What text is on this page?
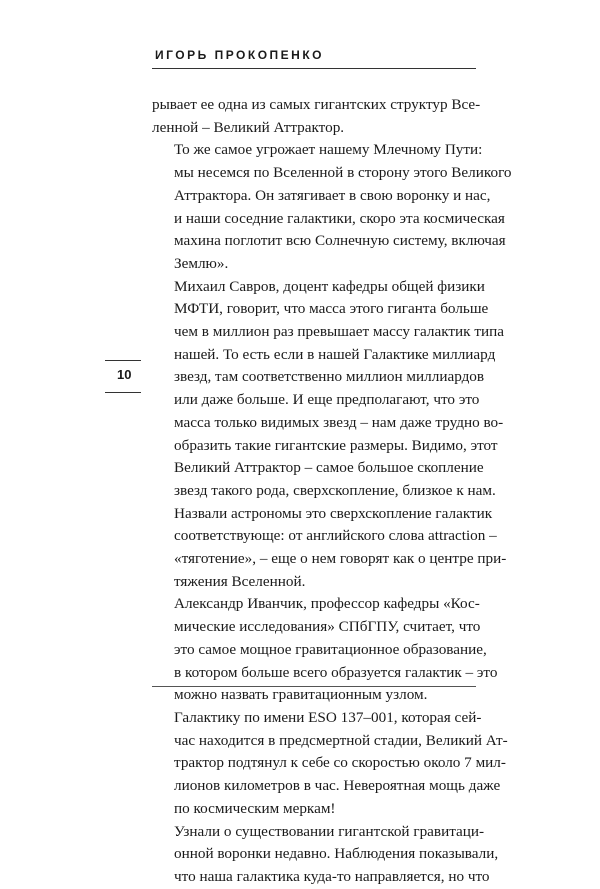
ИГОРЬ ПРОКОПЕНКО
10

рывает ее одна из самых гигантских структур Все-
ленной – Великий Аттрактор.

То же самое угрожает нашему Млечному Пути:
мы несемся по Вселенной в сторону этого Великого
Аттрактора. Он затягивает в свою воронку и нас,
и наши соседние галактики, скоро эта космическая
махина поглотит всю Солнечную систему, включая
Землю».

Михаил Савров, доцент кафедры общей физики
МФТИ, говорит, что масса этого гиганта больше
чем в миллион раз превышает массу галактик типа
нашей. То есть если в нашей Галактике миллиард
звезд, там соответственно миллион миллиардов
или даже больше. И еще предполагают, что это
масса только видимых звезд – нам даже трудно во-
образить такие гигантские размеры. Видимо, этот
Великий Аттрактор – самое большое скопление
звезд такого рода, сверхскопление, близкое к нам.

Назвали астрономы это сверхскопление галактик
соответствующе: от английского слова attraction –
«тяготение», – еще о нем говорят как о центре при-
тяжения Вселенной.

Александр Иванчик, профессор кафедры «Кос-
мические исследования» СПбГПУ, считает, что
это самое мощное гравитационное образование,
в котором больше всего образуется галактик – это
можно назвать гравитационным узлом.

Галактику по имени ESO 137–001, которая сей-
час находится в предсмертной стадии, Великий Ат-
трактор подтянул к себе со скоростью около 7 мил-
лионов километров в час. Невероятная мощь даже
по космическим меркам!

Узнали о существовании гигантской гравитаци-
онной воронки недавно. Наблюдения показывали,
что наша галактика куда-то направляется, но что
